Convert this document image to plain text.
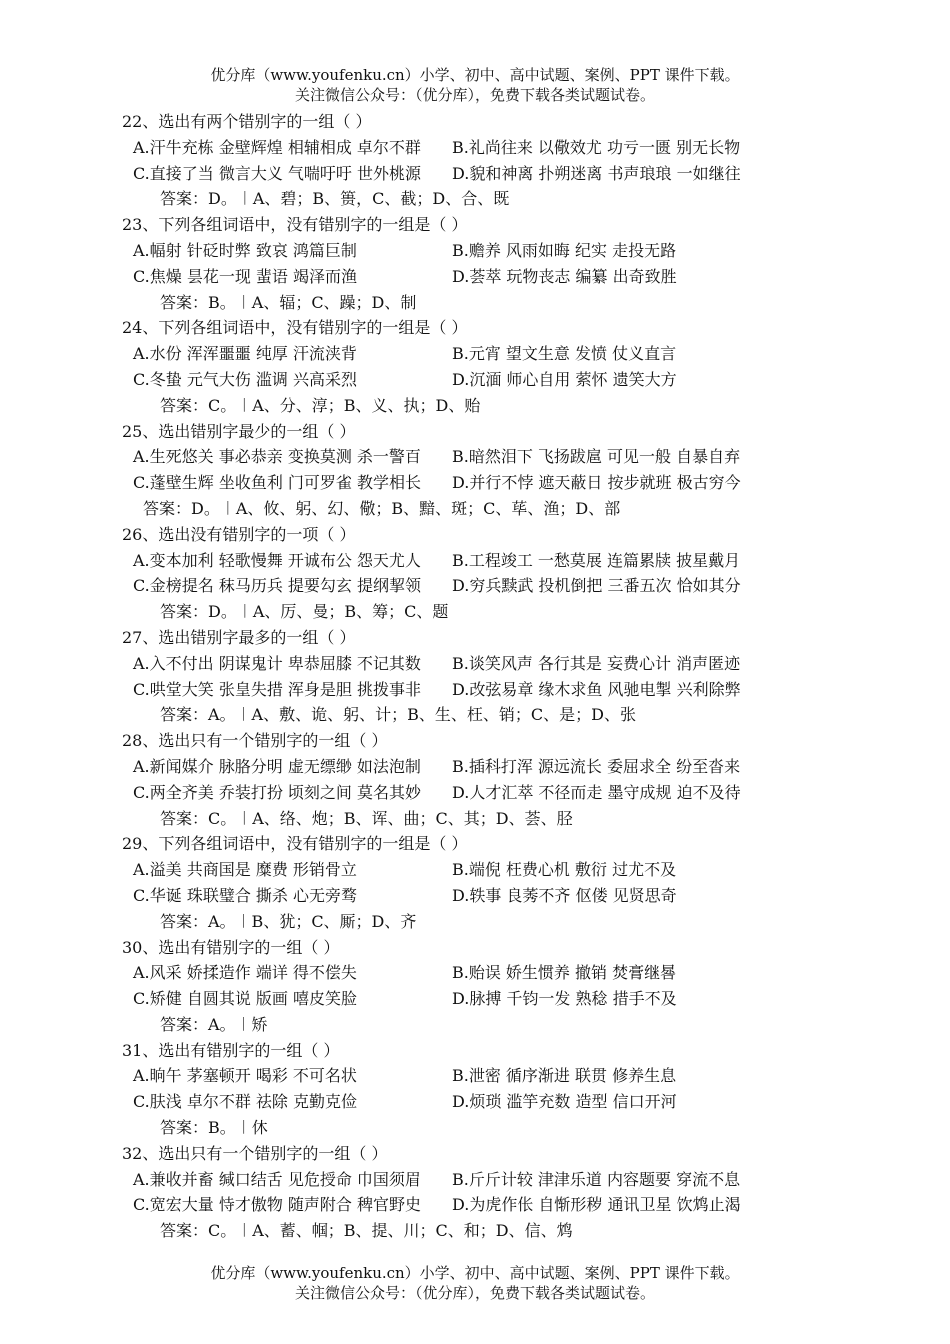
优分库（www.youfenku.cn）小学、初中、高中试题、案例、PPT 课件下载。
关注微信公众号：（优分库），免费下载各类试题试卷。
22、选出有两个错别字的一组（ ）

A.汗牛充栋 金壁辉煌 相辅相成 卓尔不群

B.礼尚往来 以儆效尤 功亏一匮 别无长物

C.直接了当 微言大义 气喘吁吁 世外桃源

D.貌和神离 扑朔迷离 书声琅琅 一如继往

答案：D。︱A、碧；B、篑，C、截；D、合、既
23、下列各组词语中，没有错别字的一组是（ ）

A.幅射 针砭时弊 致哀 鸿篇巨制

	B.赡养 风雨如晦 纪实 走投无路

C.焦燥 昙花一现 蜚语 竭泽而渔

	D.荟萃 玩物丧志 编纂 出奇致胜

答案：B。︱A、辐；C、躁；D、制
24、下列各组词语中，没有错别字的一组是（ ）

A.水份 浑浑噩噩 纯厚 汗流浃背

	B.元宵 望文生意 发愤 仗义直言

C.冬蛰 元气大伤 滥调 兴高采烈

	D.沉湎 师心自用 萦怀 遗笑大方

答案：C。︱A、分、淳；B、义、执；D、贻
25、选出错别字最少的一组（ ）

A.生死悠关 事必恭亲 变换莫测 杀一警百

B.暗然泪下 飞扬跋扈 可见一般 自暴自弃

C.蓬壁生辉 坐收鱼利 门可罗雀 教学相长

D.并行不悖 遮天蔽日 按步就班 极古穷今

答案：D。︱A、攸、躬、幻、儆；B、黯、斑；C、荜、渔；D、部
26、选出没有错别字的一项（ ）

A.变本加利 轻歌慢舞 开诚布公 怨天尤人

B.工程竣工 一愁莫展 连篇累牍 披星戴月

C.金榜提名 秣马历兵 提要勾玄 提纲挈领

D.穷兵黩武 投机倒把 三番五次 恰如其分

答案：D。︱A、厉、曼；B、筹；C、题
27、选出错别字最多的一组（ ）

A.入不付出 阴谋鬼计 卑恭屈膝 不记其数

B.谈笑风声 各行其是 妄费心计 消声匿迹

C.哄堂大笑 张皇失措 浑身是胆 挑拨事非

D.改弦易章 缘木求鱼 风驰电掣 兴利除弊

答案：A。︱A、敷、诡、躬、计；B、生、枉、销；C、是；D、张
28、选出只有一个错别字的一组（ ）

A.新闻媒介 脉胳分明 虚无缥缈 如法泡制

B.插科打浑 源远流长 委屈求全 纷至沓来

C.两全齐美 乔装打扮 顷刻之间 莫名其妙

D.人才汇萃 不径而走 墨守成规 迫不及待

答案：C。︱A、络、炮；B、诨、曲；C、其；D、荟、胫
29、下列各组词语中，没有错别字的一组是（ ）

A.溢美 共商国是 糜费 形销骨立

	B.端倪 枉费心机 敷衍 过尤不及

C.华诞 珠联璧合 撕杀 心无旁骛

	D.轶事 良莠不齐 伛偻 见贤思奇

答案：A。︱B、犹；C、厮；D、齐
30、选出有错别字的一组（ ）

A.风采 娇揉造作 端详 得不偿失

	B.贻误 娇生惯养 撤销 焚膏继晷

C.矫健 自圆其说 版画 嘻皮笑脸

	D.脉搏 千钧一发 熟稔 措手不及

答案：A。︱矫
31、选出有错别字的一组（ ）

A.晌午 茅塞顿开 喝彩 不可名状

	B.泄密 循序渐进 联贯 修养生息

C.肤浅 卓尔不群 祛除 克勤克俭

	D.烦琐 滥竽充数 造型 信口开河

答案：B。︱休
32、选出只有一个错别字的一组（ ）

A.兼收并畜 缄口结舌 见危授命 巾国须眉

B.斤斤计较 津津乐道 内容题要 穿流不息

C.宽宏大量 恃才傲物 随声附合 稗官野史

D.为虎作伥 自惭形秽 通讯卫星 饮鸩止渴

答案：C。︱A、蓄、帼；B、提、川；C、和；D、信、鸩
优分库（www.youfenku.cn）小学、初中、高中试题、案例、PPT 课件下载。
关注微信公众号：（优分库），免费下载各类试题试卷。
